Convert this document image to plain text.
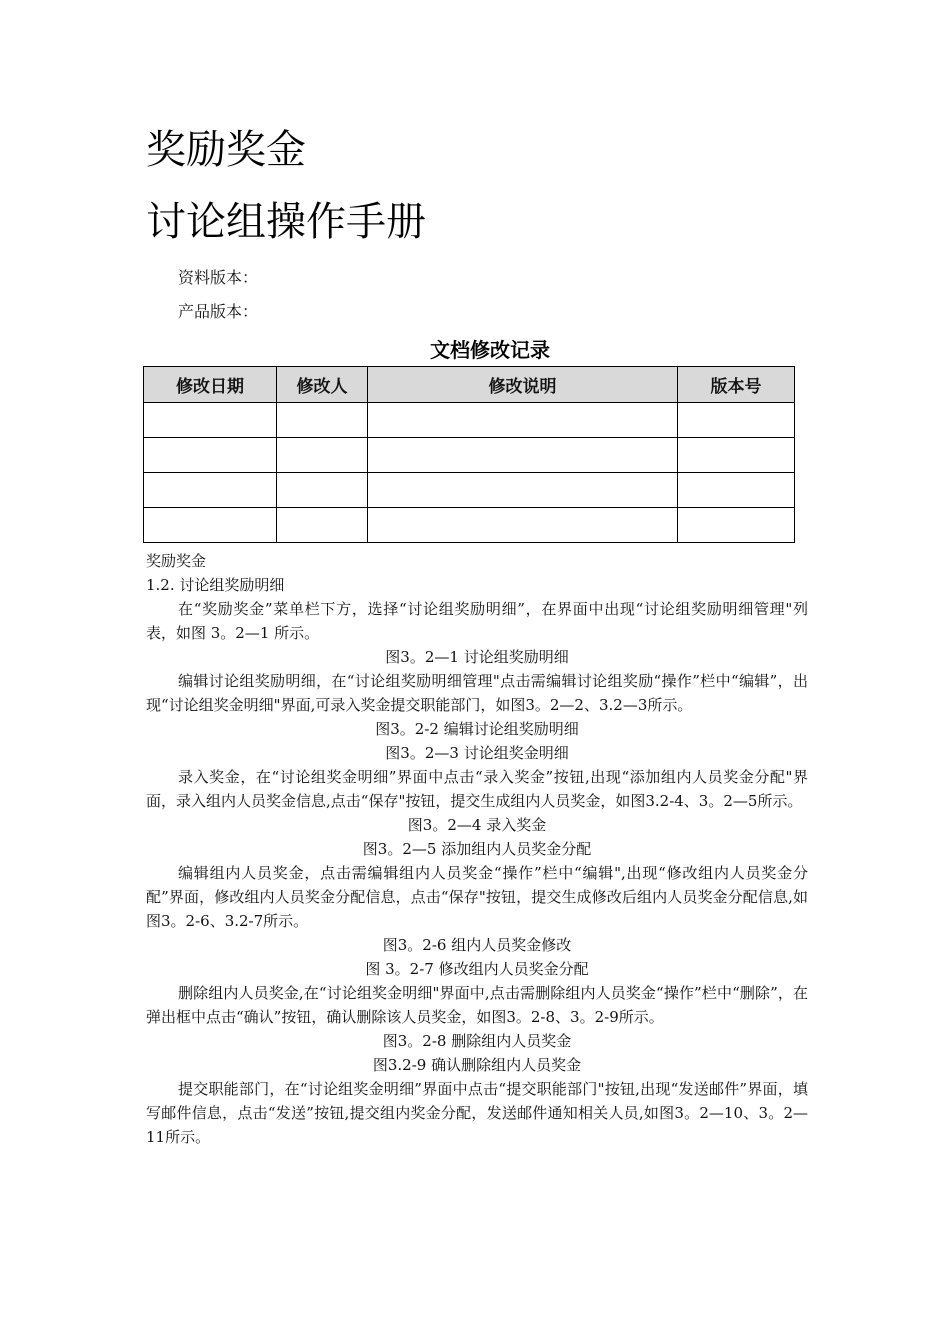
奖励奖金
讨论组操作手册
资料版本：
产品版本：
文档修改记录
修改日期	修改人	修改说明	版本号

奖励奖金

1.2. 讨论组奖励明细

在“奖励奖金”菜单栏下方，选择“讨论组奖励明细”，在界面中出现“讨论组奖励明细管理"列表，如图 3。2—1 所示。

图3。2—1 讨论组奖励明细

编辑讨论组奖励明细，在“讨论组奖励明细管理"点击需编辑讨论组奖励“操作”栏中“编辑”，出现“讨论组奖金明细"界面,可录入奖金提交职能部门，如图3。2—2、3.2—3所示。

图3。2-2 编辑讨论组奖励明细

图3。2—3 讨论组奖金明细

录入奖金，在“讨论组奖金明细”界面中点击“录入奖金”按钮,出现“添加组内人员奖金分配"界面，录入组内人员奖金信息,点击“保存"按钮，提交生成组内人员奖金，如图3.2-4、3。2—5所示。

图3。2—4 录入奖金

图3。2—5 添加组内人员奖金分配

编辑组内人员奖金，点击需编辑组内人员奖金“操作”栏中“编辑",出现“修改组内人员奖金分配”界面，修改组内人员奖金分配信息，点击“保存"按钮，提交生成修改后组内人员奖金分配信息,如图3。2-6、3.2-7所示。

图3。2-6 组内人员奖金修改

图 3。2-7 修改组内人员奖金分配

删除组内人员奖金,在“讨论组奖金明细"界面中,点击需删除组内人员奖金“操作”栏中“删除”，在弹出框中点击“确认”按钮，确认删除该人员奖金，如图3。2-8、3。2-9所示。

图3。2-8 删除组内人员奖金

图3.2-9 确认删除组内人员奖金

提交职能部门，在“讨论组奖金明细”界面中点击“提交职能部门"按钮,出现“发送邮件”界面，填写邮件信息，点击“发送”按钮,提交组内奖金分配，发送邮件通知相关人员,如图3。2—10、3。2—11所示。
